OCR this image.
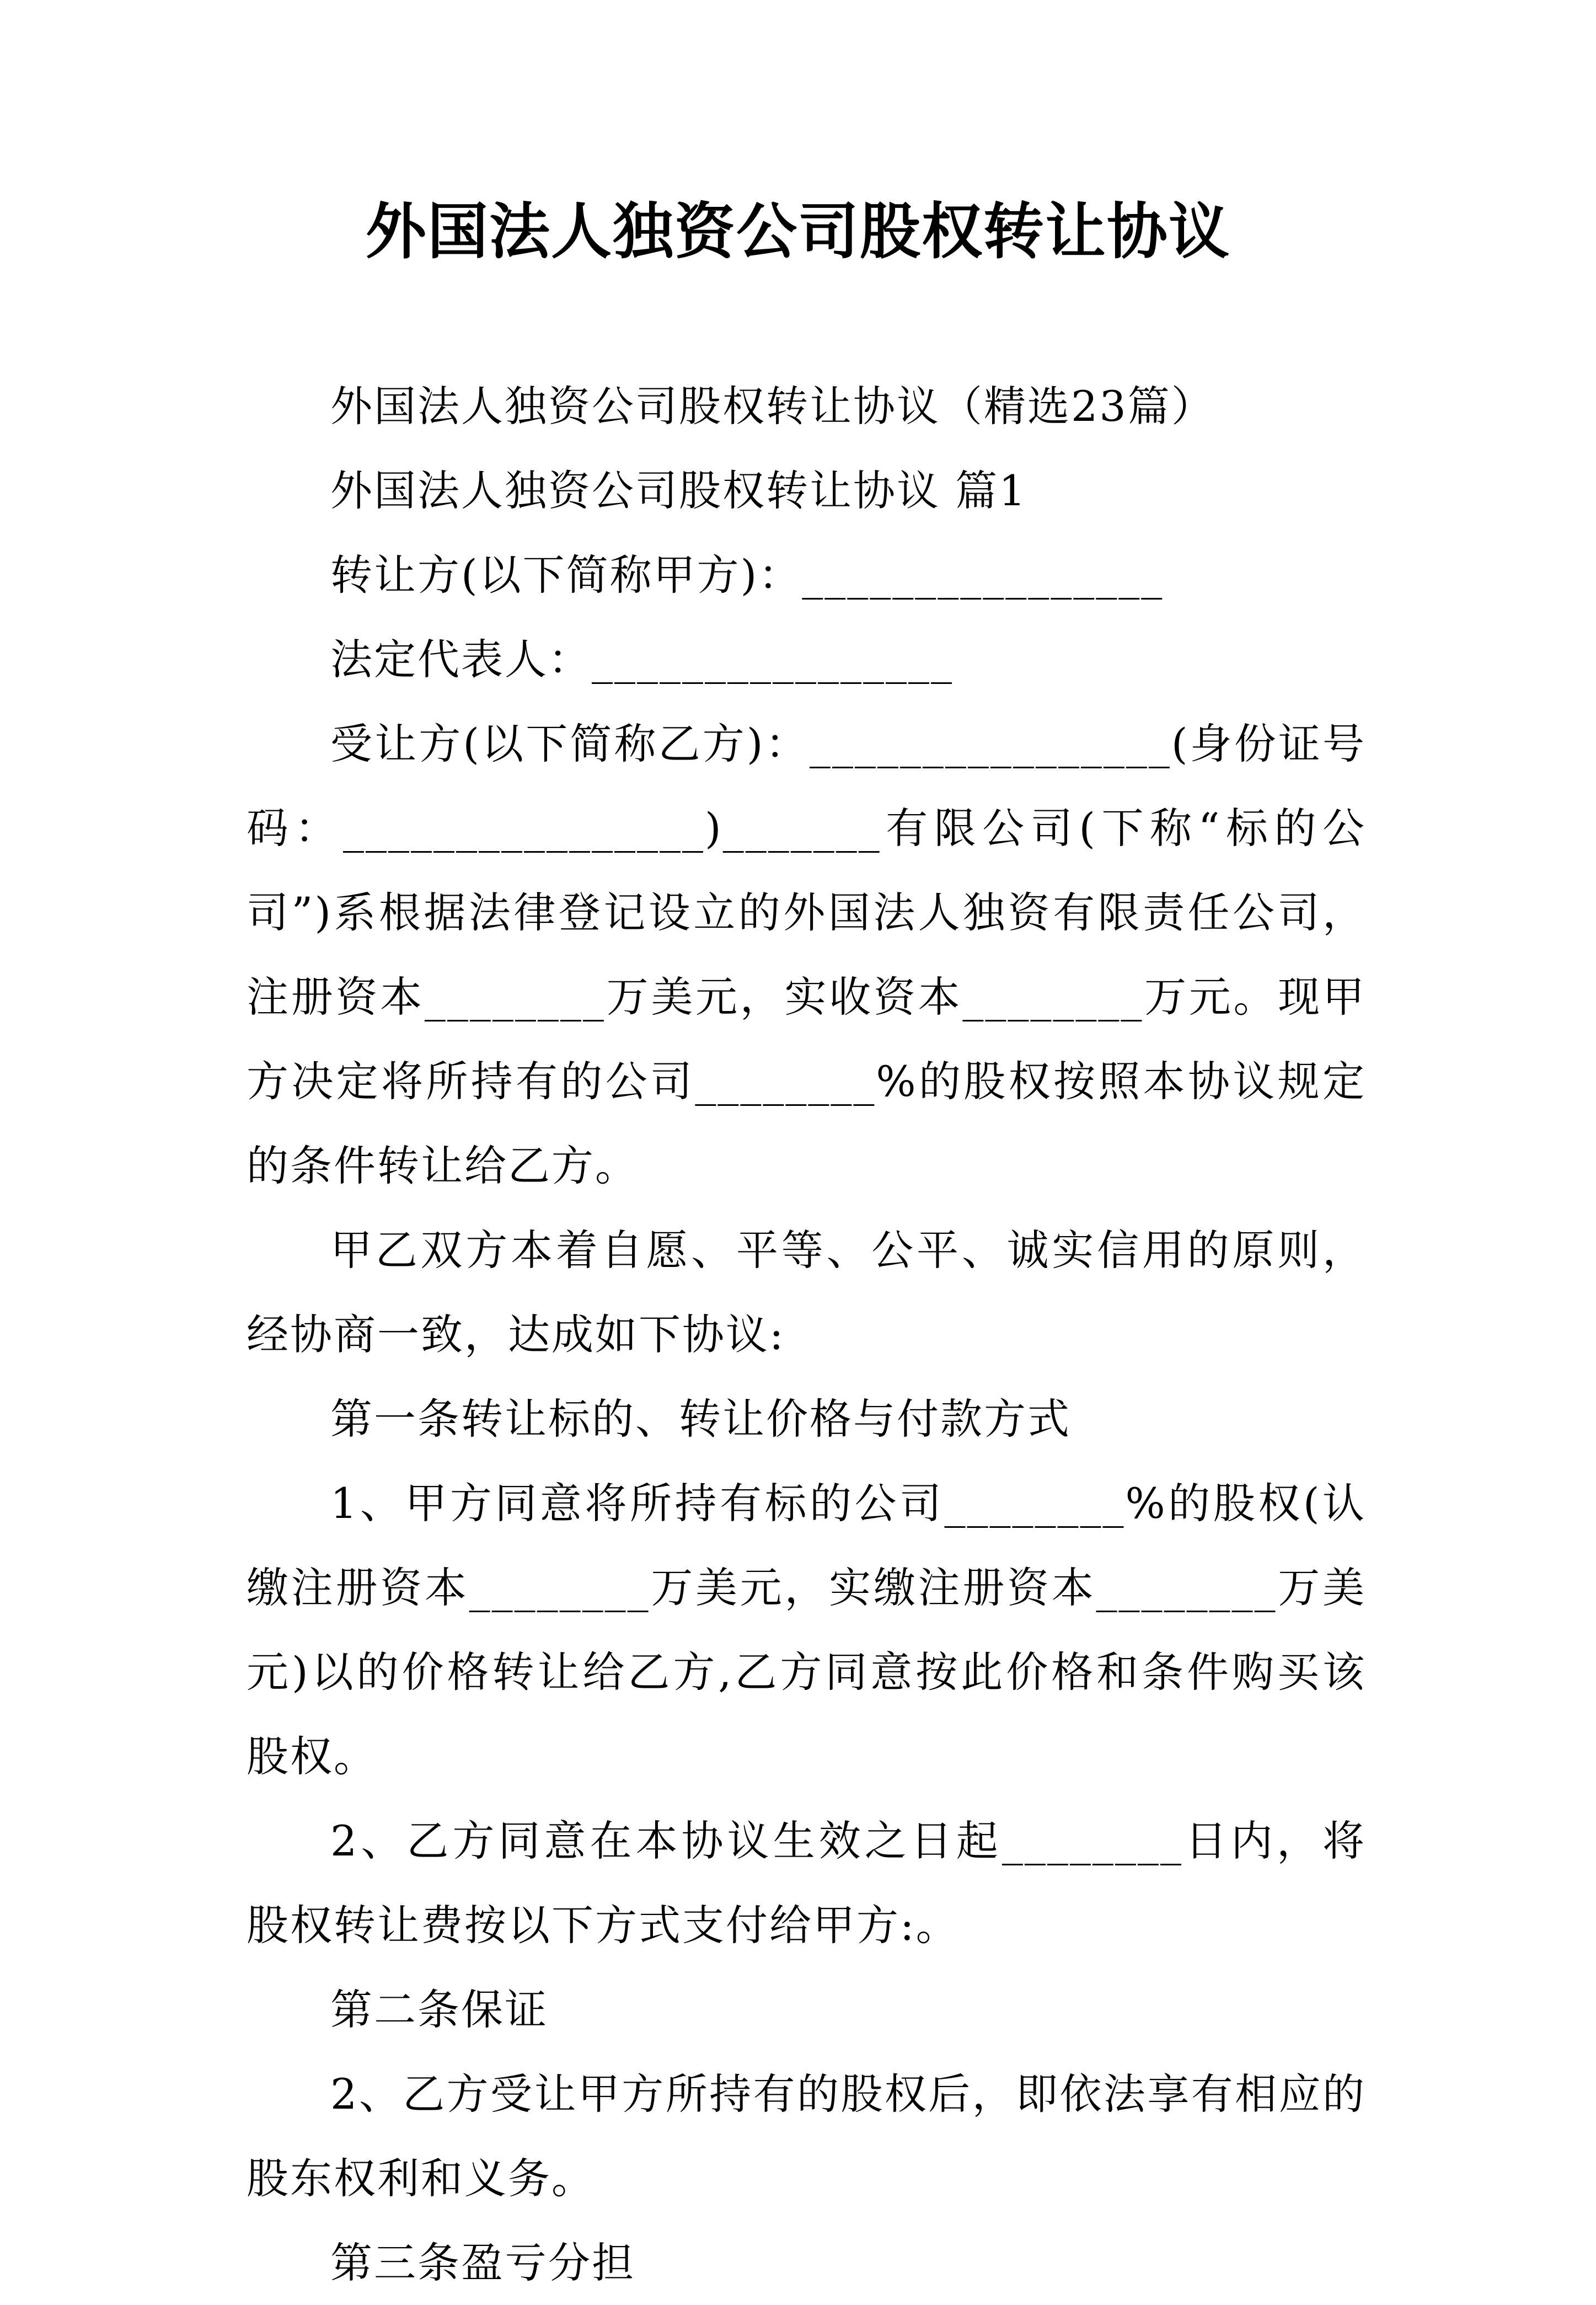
外国法人独资公司股权转让协议

外国法人独资公司股权转让协议（精选23篇）

外国法人独资公司股权转让协议 篇1

转让方(以下简称甲方)：________________

法定代表人：________________

受让方(以下简称乙方)：________________(身份证号码：________________)_______有限公司(下称“标的公司”)系根据法律登记设立的外国法人独资有限责任公司，注册资本________万美元，实收资本________万元。现甲方决定将所持有的公司________%的股权按照本协议规定的条件转让给乙方。

甲乙双方本着自愿、平等、公平、诚实信用的原则，经协商一致，达成如下协议:

第一条转让标的、转让价格与付款方式

1、甲方同意将所持有标的公司________%的股权(认缴注册资本________万美元，实缴注册资本________万美元)以的价格转让给乙方,乙方同意按此价格和条件购买该股权。

2、乙方同意在本协议生效之日起________日内，将股权转让费按以下方式支付给甲方:。

第二条保证

2、乙方受让甲方所持有的股权后，即依法享有相应的股东权利和义务。

第三条盈亏分担
